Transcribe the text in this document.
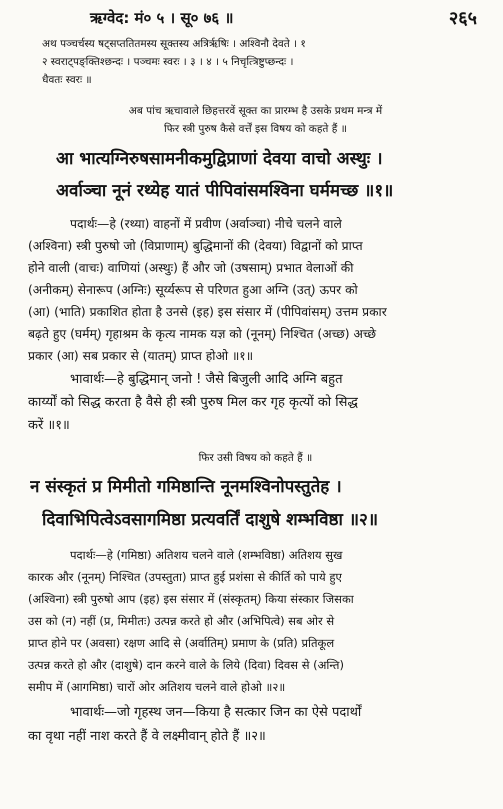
ऋग्वेद: मं० ५ । सू० ७६ ॥	२६५
अथ पञ्चर्चस्य षट्सप्ततितमस्य सूक्तस्य अत्रिर्ऋषिः । अश्विनौ देवते । १
२ स्वराट्पङ्क्तिश्छन्दः । पञ्चमः स्वरः । ३ । ४ । ५ निचृत्त्रिष्टुप्छन्दः ।
धैवतः स्वरः ॥
अब पांच ऋचावाले छिहत्तरवें सूक्त का प्रारम्भ है उसके प्रथम मन्त्र में
फिर स्त्री पुरुष कैसे वर्त्तें इस विषय को कहते हैं ॥
आ भात्यग्निरुषसामनीकमुद्विप्राणां देवया वाचो अस्थुः ।
अर्वाञ्चा नूनं रथ्येह यातं पीपिवांसमश्विना घर्ममच्छ ॥१॥
पदार्थः—हे (रथ्या) वाहनों में प्रवीण (अर्वाञ्चा) नीचे चलने वाले
(अश्विना) स्त्री पुरुषो जो (विप्राणाम्) बुद्धिमानों की (देवया) विद्वानों को प्राप्त
होने वाली (वाचः) वाणियां (अस्थुः) हैं और जो (उषसाम्) प्रभात वेलाओं की
(अनीकम्) सेनारूप (अग्निः) सूर्य्यरूप से परिणत हुआ अग्नि (उत्) ऊपर को
(आ) (भाति) प्रकाशित होता है उनसे (इह) इस संसार में (पीपिवांसम्) उत्तम प्रकार
बढ़ते हुए (घर्मम्) गृहाश्रम के कृत्य नामक यज्ञ को (नूनम्) निश्चित (अच्छ) अच्छे
प्रकार (आ) सब प्रकार से (यातम्) प्राप्त होओ ॥१॥
भावार्थः—हे बुद्धिमान् जनो ! जैसे बिजुली आदि अग्नि बहुत
कार्य्यों को सिद्ध करता है वैसे ही स्त्री पुरुष मिल कर गृह कृत्यों को सिद्ध
करें ॥१॥
फिर उसी विषय को कहते हैं ॥
न संस्कृतं प्र मिमीतो गमिष्ठान्ति नूनमश्विनोपस्तुतेह ।
दिवाभिपित्वेऽवसागमिष्ठा प्रत्यवर्तिं दाशुषे शम्भविष्ठा ॥२॥
पदार्थः—हे (गमिष्ठा) अतिशय चलने वाले (शम्भविष्ठा) अतिशय सुख
कारक और (नूनम्) निश्चित (उपस्तुता) प्राप्त हुई प्रशंसा से कीर्ति को पाये हुए
(अश्विना) स्त्री पुरुषो आप (इह) इस संसार में (संस्कृतम्) किया संस्कार जिसका
उस को (न) नहीं (प्र, मिमीतः) उत्पन्न करते हो और (अभिपित्वे) सब ओर से
प्राप्त होने पर (अवसा) रक्षण आदि से (अर्वातिम्) प्रमाण के (प्रति) प्रतिकूल
उत्पन्न करते हो और (दाशुषे) दान करने वाले के लिये (दिवा) दिवस से (अन्ति)
समीप में (आगमिष्ठा) चारों ओर अतिशय चलने वाले होओ ॥२॥
भावार्थः—जो गृहस्थ जन—किया है सत्कार जिन का ऐसे पदार्थों
का वृथा नहीं नाश करते हैं वे लक्ष्मीवान् होते हैं ॥२॥
